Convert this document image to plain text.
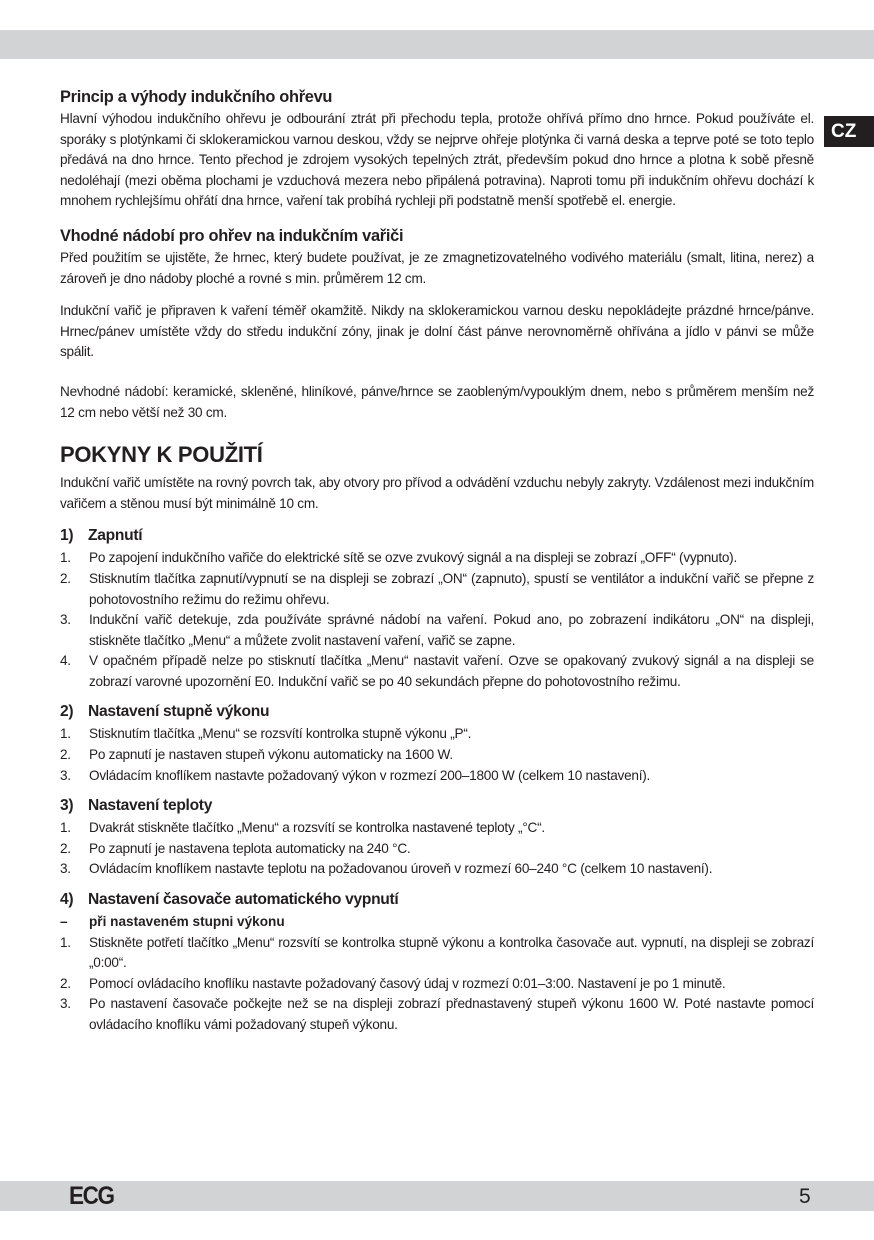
CZ
Princip a výhody indukčního ohřevu

Hlavní výhodou indukčního ohřevu je odbourání ztrát při přechodu tepla, protože ohřívá přímo dno hrnce. Pokud používáte el. sporáky s plotýnkami či sklokeramickou varnou deskou, vždy se nejprve ohřeje plotýnka či varná deska a teprve poté se toto teplo předává na dno hrnce. Tento přechod je zdrojem vysokých tepelných ztrát, především pokud dno hrnce a plotna k sobě přesně nedoléhají (mezi oběma plochami je vzduchová mezera nebo připálená potravina). Naproti tomu při indukčním ohřevu dochází k mnohem rychlejšímu ohřátí dna hrnce, vaření tak probíhá rychleji při podstatně menší spotřebě el. energie.

Vhodné nádobí pro ohřev na indukčním vařiči

Před použitím se ujistěte, že hrnec, který budete používat, je ze zmagnetizovatelného vodivého materiálu (smalt, litina, nerez) a zároveň je dno nádoby ploché a rovné s min. průměrem 12 cm.

Indukční vařič je připraven k vaření téměř okamžitě. Nikdy na sklokeramickou varnou desku nepokládejte prázdné hrnce/pánve. Hrnec/pánev umístěte vždy do středu indukční zóny, jinak je dolní část pánve nerovnoměrně ohřívána a jídlo v pánvi se může spálit.

Nevhodné nádobí: keramické, skleněné, hliníkové, pánve/hrnce se zaobleným/vypouklým dnem, nebo s průměrem menším než 12 cm nebo větší než 30 cm.

POKYNY K POUŽITÍ

Indukční vařič umístěte na rovný povrch tak, aby otvory pro přívod a odvádění vzduchu nebyly zakryty. Vzdálenost mezi indukčním vařičem a stěnou musí být minimálně 10 cm.

1) Zapnutí
1. Po zapojení indukčního vařiče do elektrické sítě se ozve zvukový signál a na displeji se zobrazí „OFF“ (vypnuto).
2. Stisknutím tlačítka zapnutí/vypnutí se na displeji se zobrazí „ON“ (zapnuto), spustí se ventilátor a indukční vařič se přepne z pohotovostního režimu do režimu ohřevu.
3. Indukční vařič detekuje, zda používáte správné nádobí na vaření. Pokud ano, po zobrazení indikátoru „ON“ na displeji, stiskněte tlačítko „Menu“ a můžete zvolit nastavení vaření, vařič se zapne.
4. V opačném případě nelze po stisknutí tlačítka „Menu“ nastavit vaření. Ozve se opakovaný zvukový signál a na displeji se zobrazí varovné upozornění E0. Indukční vařič se po 40 sekundách přepne do pohotovostního režimu.
2) Nastavení stupně výkonu
1. Stisknutím tlačítka „Menu“ se rozsvítí kontrolka stupně výkonu „P“.
2. Po zapnutí je nastaven stupeň výkonu automaticky na 1600 W.
3. Ovládacím knoflíkem nastavte požadovaný výkon v rozmezí 200–1800 W (celkem 10 nastavení).
3) Nastavení teploty
1. Dvakrát stiskněte tlačítko „Menu“ a rozsvítí se kontrolka nastavené teploty „°C“.
2. Po zapnutí je nastavena teplota automaticky na 240 °C.
3. Ovládacím knoflíkem nastavte teplotu na požadovanou úroveň v rozmezí 60–240 °C (celkem 10 nastavení).
4) Nastavení časovače automatického vypnutí
– při nastaveném stupni výkonu
1. Stiskněte potřetí tlačítko „Menu“ rozsvítí se kontrolka stupně výkonu a kontrolka časovače aut. vypnutí, na displeji se zobrazí „0:00“.
2. Pomocí ovládacího knoflíku nastavte požadovaný časový údaj v rozmezí 0:01–3:00. Nastavení je po 1 minutě.
3. Po nastavení časovače počkejte než se na displeji zobrazí přednastavený stupeň výkonu 1600 W. Poté nastavte pomocí ovládacího knoflíku vámi požadovaný stupeň výkonu.
ECG	5
